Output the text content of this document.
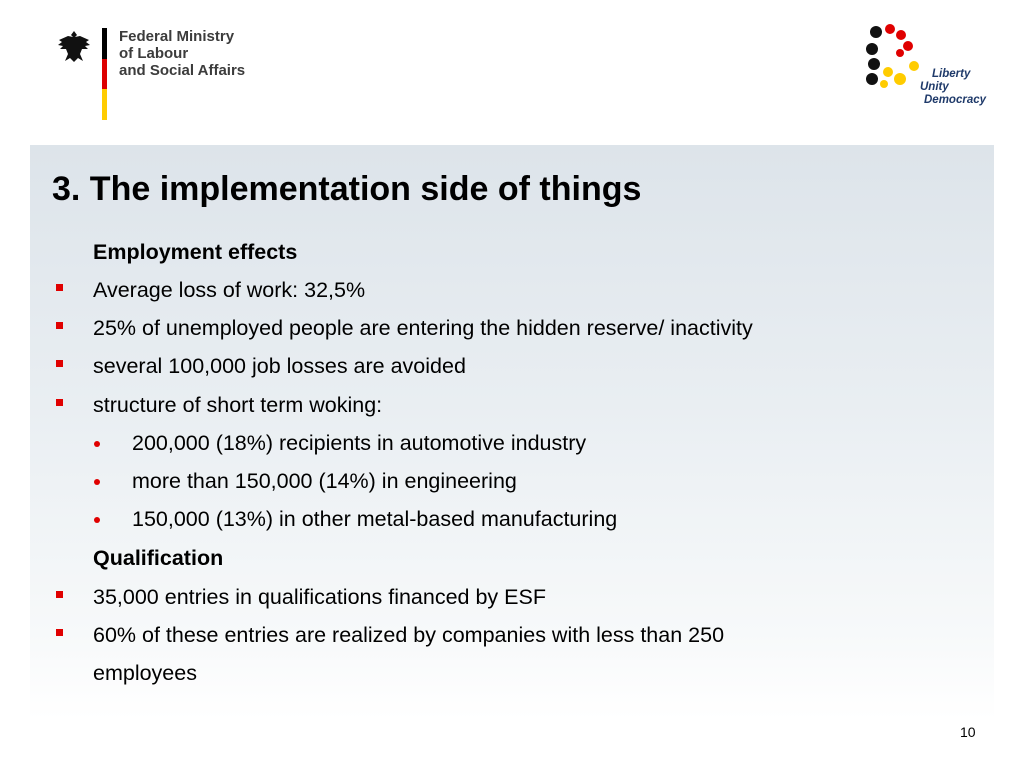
Federal Ministry
of Labour
and Social Affairs	Liberty
Unity
Democracy
3. The implementation side of things
Employment effects
Average loss of work: 32,5%
25% of unemployed people are entering the hidden reserve/ inactivity
several 100,000 job losses are avoided
structure of short term woking:
200,000 (18%) recipients in automotive industry
more than 150,000 (14%) in engineering
150,000 (13%) in other metal-based manufacturing
Qualification
35,000 entries in qualifications financed by ESF
60% of these entries are realized by companies with less than 250
employees
10
